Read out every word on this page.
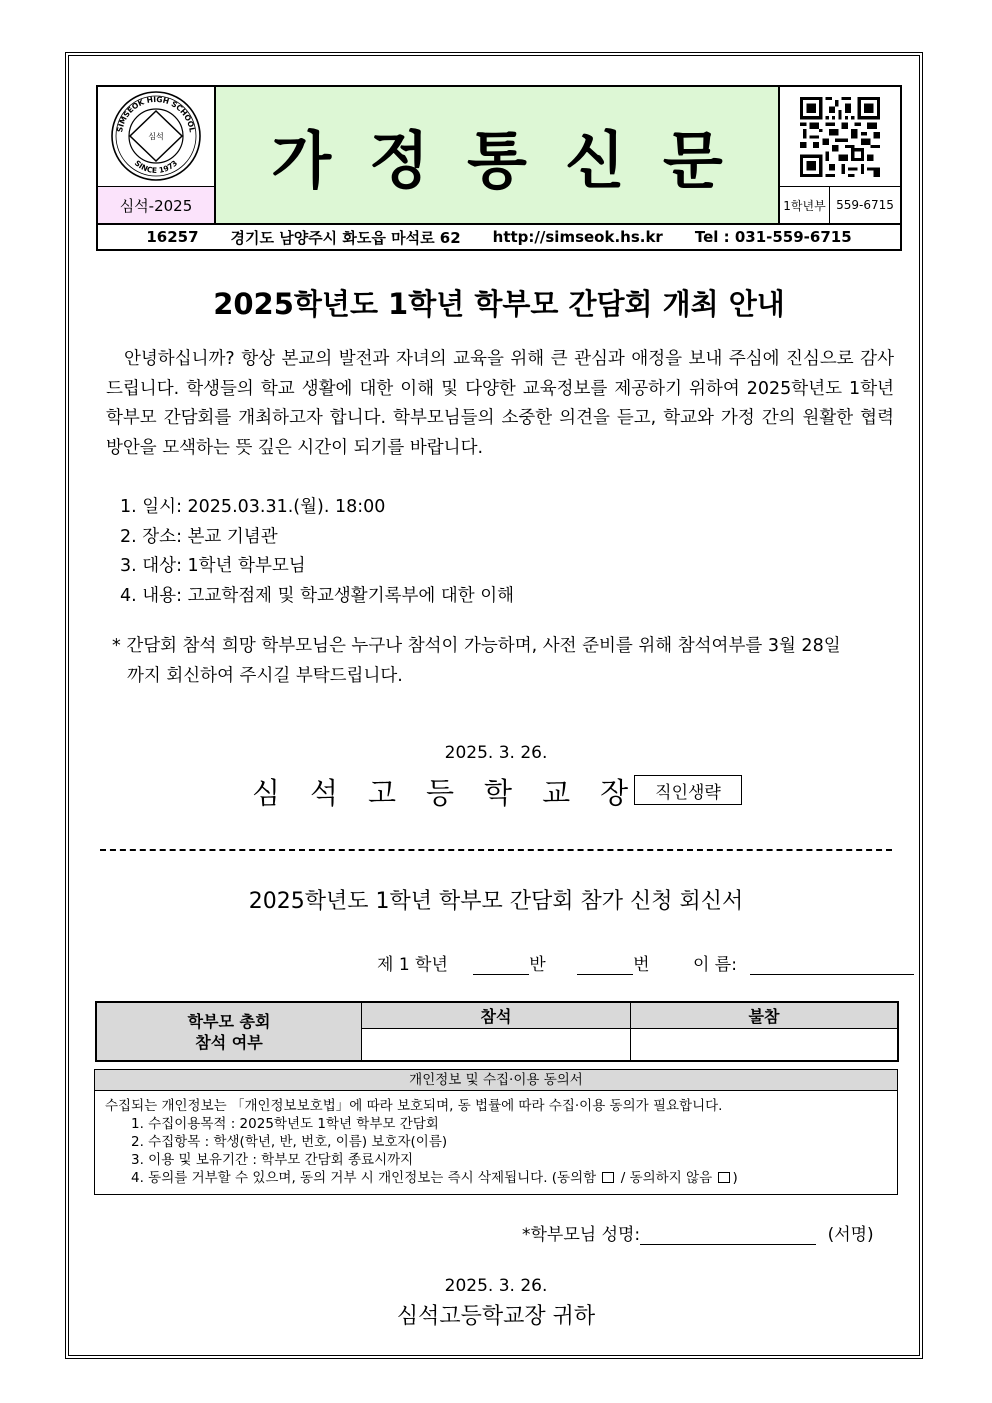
SIMSEOK HIGH SCHOOL
SINCE 1973
심석 가정통신문
심석-2025	1학년부 559-6715
16257 경기도 남양주시 화도읍 마석로 62 http://simseok.hs.kr Tel : 031-559-6715
2025학년도 1학년 학부모 간담회 개최 안내
안녕하십니까? 항상 본교의 발전과 자녀의 교육을 위해 큰 관심과 애정을 보내 주심에 진심으로 감사드립니다. 학생들의 학교 생활에 대한 이해 및 다양한 교육정보를 제공하기 위하여 2025학년도 1학년 학부모 간담회를 개최하고자 합니다. 학부모님들의 소중한 의견을 듣고, 학교와 가정 간의 원활한 협력 방안을 모색하는 뜻 깊은 시간이 되기를 바랍니다.
1. 일시: 2025.03.31.(월). 18:00
2. 장소: 본교 기념관
3. 대상: 1학년 학부모님
4. 내용: 고교학점제 및 학교생활기록부에 대한 이해
* 간담회 참석 희망 학부모님은 누구나 참석이 가능하며, 사전 준비를 위해 참석여부를 3월 28일
까지 회신하여 주시길 부탁드립니다.
2025. 3. 26.
심석고등학교장
직인생략
2025학년도 1학년 학부모 간담회 참가 신청 회신서
제 1 학년	반	번	이 름:
학부모 총회
참석 여부
참석	불참
개인정보 및 수집·이용 동의서
수집되는 개인정보는 「개인정보보호법」에 따라 보호되며, 동 법률에 따라 수집·이용 동의가 필요합니다.
1. 수집이용목적 : 2025학년도 1학년 학부모 간담회
2. 수집항목 : 학생(학년, 반, 번호, 이름) 보호자(이름)
3. 이용 및 보유기간 : 학부모 간담회 종료시까지
4. 동의를 거부할 수 있으며, 동의 거부 시 개인정보는 즉시 삭제됩니다. (동의함 / 동의하지 않음 )
*학부모님 성명:	(서명)
2025. 3. 26.
심석고등학교장 귀하
